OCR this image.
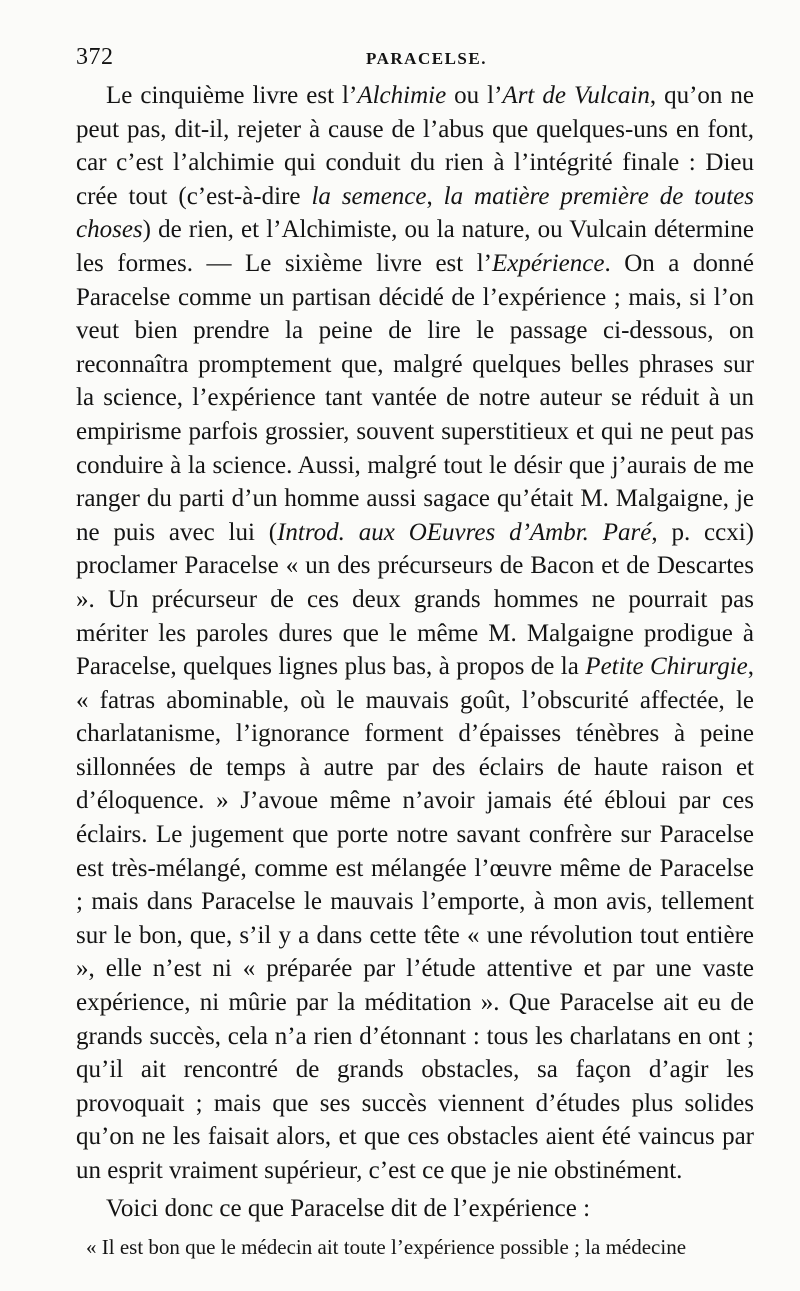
372	PARACELSE.

Le cinquième livre est l’Alchimie ou l’Art de Vulcain, qu’on ne peut pas, dit-il, rejeter à cause de l’abus que quelques-uns en font, car c’est l’alchimie qui conduit du rien à l’intégrité finale : Dieu crée tout (c’est-à-dire la semence, la matière première de toutes choses) de rien, et l’Alchimiste, ou la nature, ou Vulcain détermine les formes. — Le sixième livre est l’Expérience. On a donné Paracelse comme un partisan décidé de l’expérience ; mais, si l’on veut bien prendre la peine de lire le passage ci-dessous, on reconnaîtra promptement que, malgré quelques belles phrases sur la science, l’expérience tant vantée de notre auteur se réduit à un empirisme parfois grossier, souvent superstitieux et qui ne peut pas conduire à la science. Aussi, malgré tout le désir que j’aurais de me ranger du parti d’un homme aussi sagace qu’était M. Malgaigne, je ne puis avec lui (Introd. aux OEuvres d’Ambr. Paré, p. ccxi) proclamer Paracelse « un des précurseurs de Bacon et de Descartes ». Un précurseur de ces deux grands hommes ne pourrait pas mériter les paroles dures que le même M. Malgaigne prodigue à Paracelse, quelques lignes plus bas, à propos de la Petite Chirurgie, « fatras abominable, où le mauvais goût, l’obscurité affectée, le charlatanisme, l’ignorance forment d’épaisses ténèbres à peine sillonnées de temps à autre par des éclairs de haute raison et d’éloquence. » J’avoue même n’avoir jamais été ébloui par ces éclairs. Le jugement que porte notre savant confrère sur Paracelse est très-mélangé, comme est mélangée l’œuvre même de Paracelse ; mais dans Paracelse le mauvais l’emporte, à mon avis, tellement sur le bon, que, s’il y a dans cette tête « une révolution tout entière », elle n’est ni « préparée par l’étude attentive et par une vaste expérience, ni mûrie par la méditation ». Que Paracelse ait eu de grands succès, cela n’a rien d’étonnant : tous les charlatans en ont ; qu’il ait rencontré de grands obstacles, sa façon d’agir les provoquait ; mais que ses succès viennent d’études plus solides qu’on ne les faisait alors, et que ces obstacles aient été vaincus par un esprit vraiment supérieur, c’est ce que je nie obstinément.

Voici donc ce que Paracelse dit de l’expérience :

« Il est bon que le médecin ait toute l’expérience possible ; la médecine
